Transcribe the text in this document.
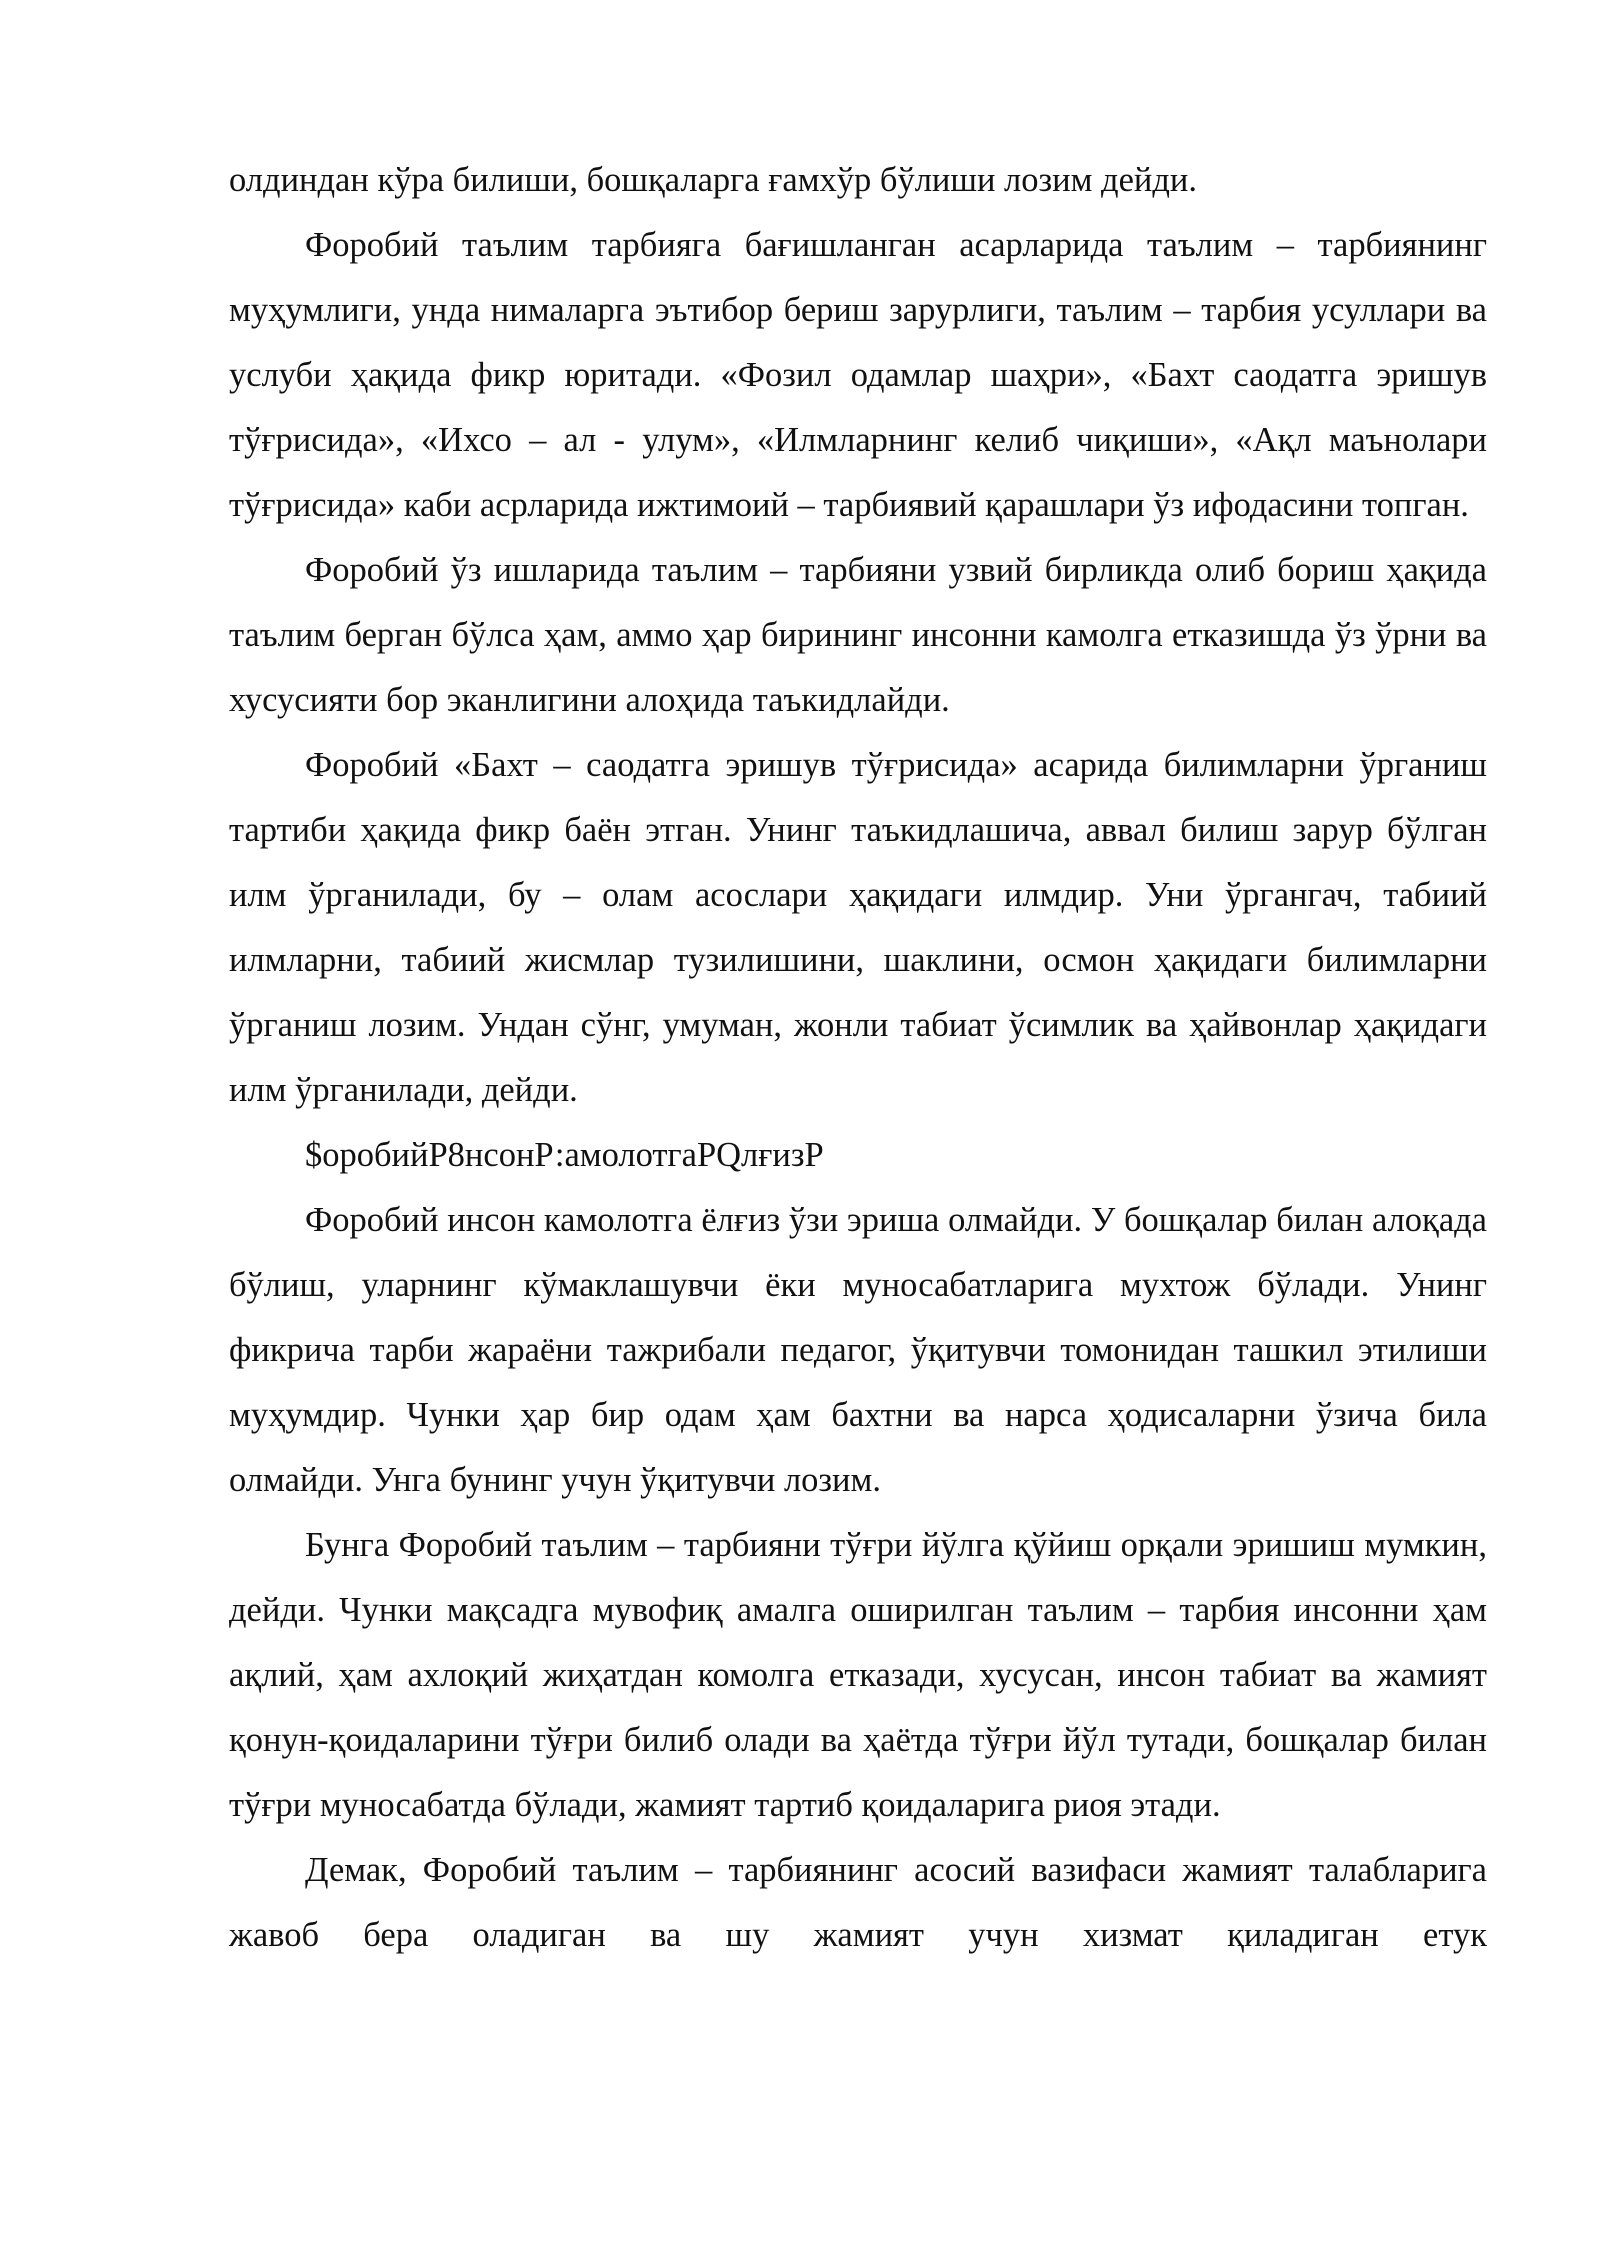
олдиндан кўра билиши, бошқаларга ғамхўр бўлиши лозим дейди.

Форобий таълим тарбияга бағишланган асарларида таълим – тарбиянинг муҳумлиги, унда нималарга эътибор бериш зарурлиги, таълим – тарбия усуллари ва услуби ҳақида фикр юритади. «Фозил одамлар шаҳри», «Бахт саодатга эришув тўғрисида», «Ихсо – ал - улум», «Илмларнинг келиб чиқиши», «Ақл маънолари тўғрисида» каби асрларида ижтимоий – тарбиявий қарашлари ўз ифодасини топган.

Форобий ўз ишларида таълим – тарбияни узвий бирликда олиб бориш ҳақида таълим берган бўлса ҳам, аммо ҳар бирининг инсонни камолга етказишда ўз ўрни ва хусусияти бор эканлигини алоҳида таъкидлайди.

Форобий «Бахт – саодатга эришув тўғрисида» асарида билимларни ўрганиш тартиби ҳақида фикр баён этган. Унинг таъкидлашича, аввал билиш зарур бўлган илм ўрганилади, бу – олам асослари ҳақидаги илмдир. Уни ўргангач, табиий илмларни, табиий жисмлар тузилишини, шаклини, осмон ҳақидаги билимларни ўрганиш лозим. Ундан сўнг, умуман, жонли табиат ўсимлик ва ҳайвонлар ҳақидаги илм ўрганилади, дейди.

$оробийР8нсонР:амолотгаРQлғизР

Форобий инсон камолотга ёлғиз ўзи эриша олмайди. У бошқалар билан алоқада бўлиш, уларнинг кўмаклашувчи ёки муносабатларига мухтож бўлади. Унинг фикрича тарби жараёни тажрибали педагог, ўқитувчи томонидан ташкил этилиши муҳумдир. Чунки ҳар бир одам ҳам бахтни ва нарса ҳодисаларни ўзича била олмайди. Унга бунинг учун ўқитувчи лозим.

Бунга Форобий таълим – тарбияни тўғри йўлга қўйиш орқали эришиш мумкин, дейди. Чунки мақсадга мувофиқ амалга оширилган таълим – тарбия инсонни ҳам ақлий, ҳам ахлоқий жиҳатдан комолга етказади, хусусан, инсон табиат ва жамият қонун-қоидаларини тўғри билиб олади ва ҳаётда тўғри йўл тутади, бошқалар билан тўғри муносабатда бўлади, жамият тартиб қоидаларига риоя этади.

Демак, Форобий таълим – тарбиянинг асосий вазифаси жамият талабларига жавоб бера оладиган ва шу жамият учун хизмат қиладиган етук
